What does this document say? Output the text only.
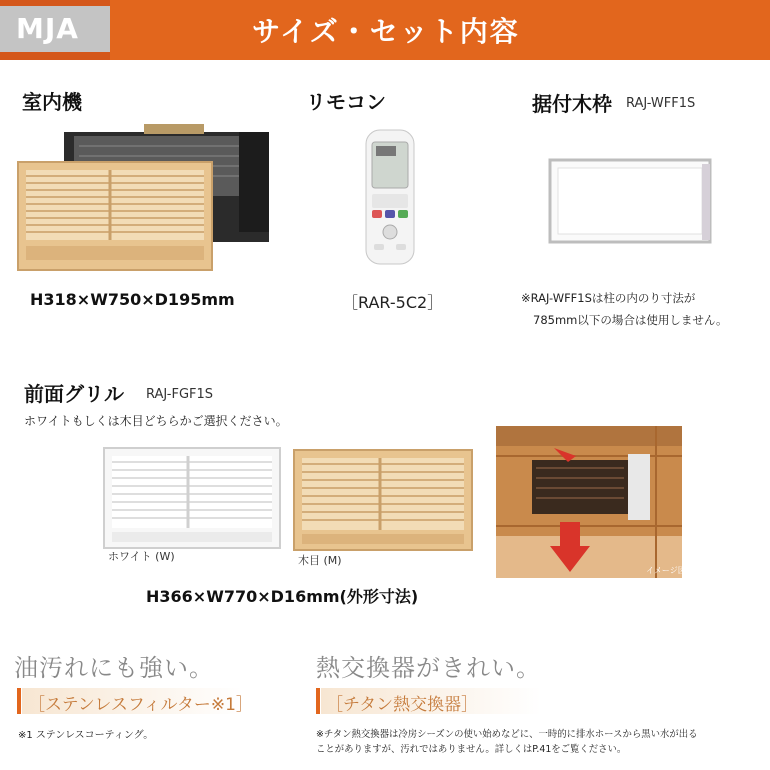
MJA	サイズ・セット内容
室内機
H318×W750×D195mm
リモコン
［RAR-5C2］
据付木枠 RAJ-WFF1S
※RAJ-WFF1Sは柱の内のり寸法が
785mm以下の場合は使用しません。
前面グリル RAJ-FGF1S
ホワイトもしくは木目どちらかご選択ください。
ホワイト (W)	木目 (M)
イメージ図
H366×W770×D16mm(外形寸法)
油汚れにも強い。
［ステンレスフィルター※1］
※1 ステンレスコーティング。
熱交換器がきれい。
［チタン熱交換器］
※チタン熱交換器は冷房シーズンの使い始めなどに、一時的に排水ホースから黒い水が出る
ことがありますが、汚れではありません。詳しくはP.41をご覧ください。
